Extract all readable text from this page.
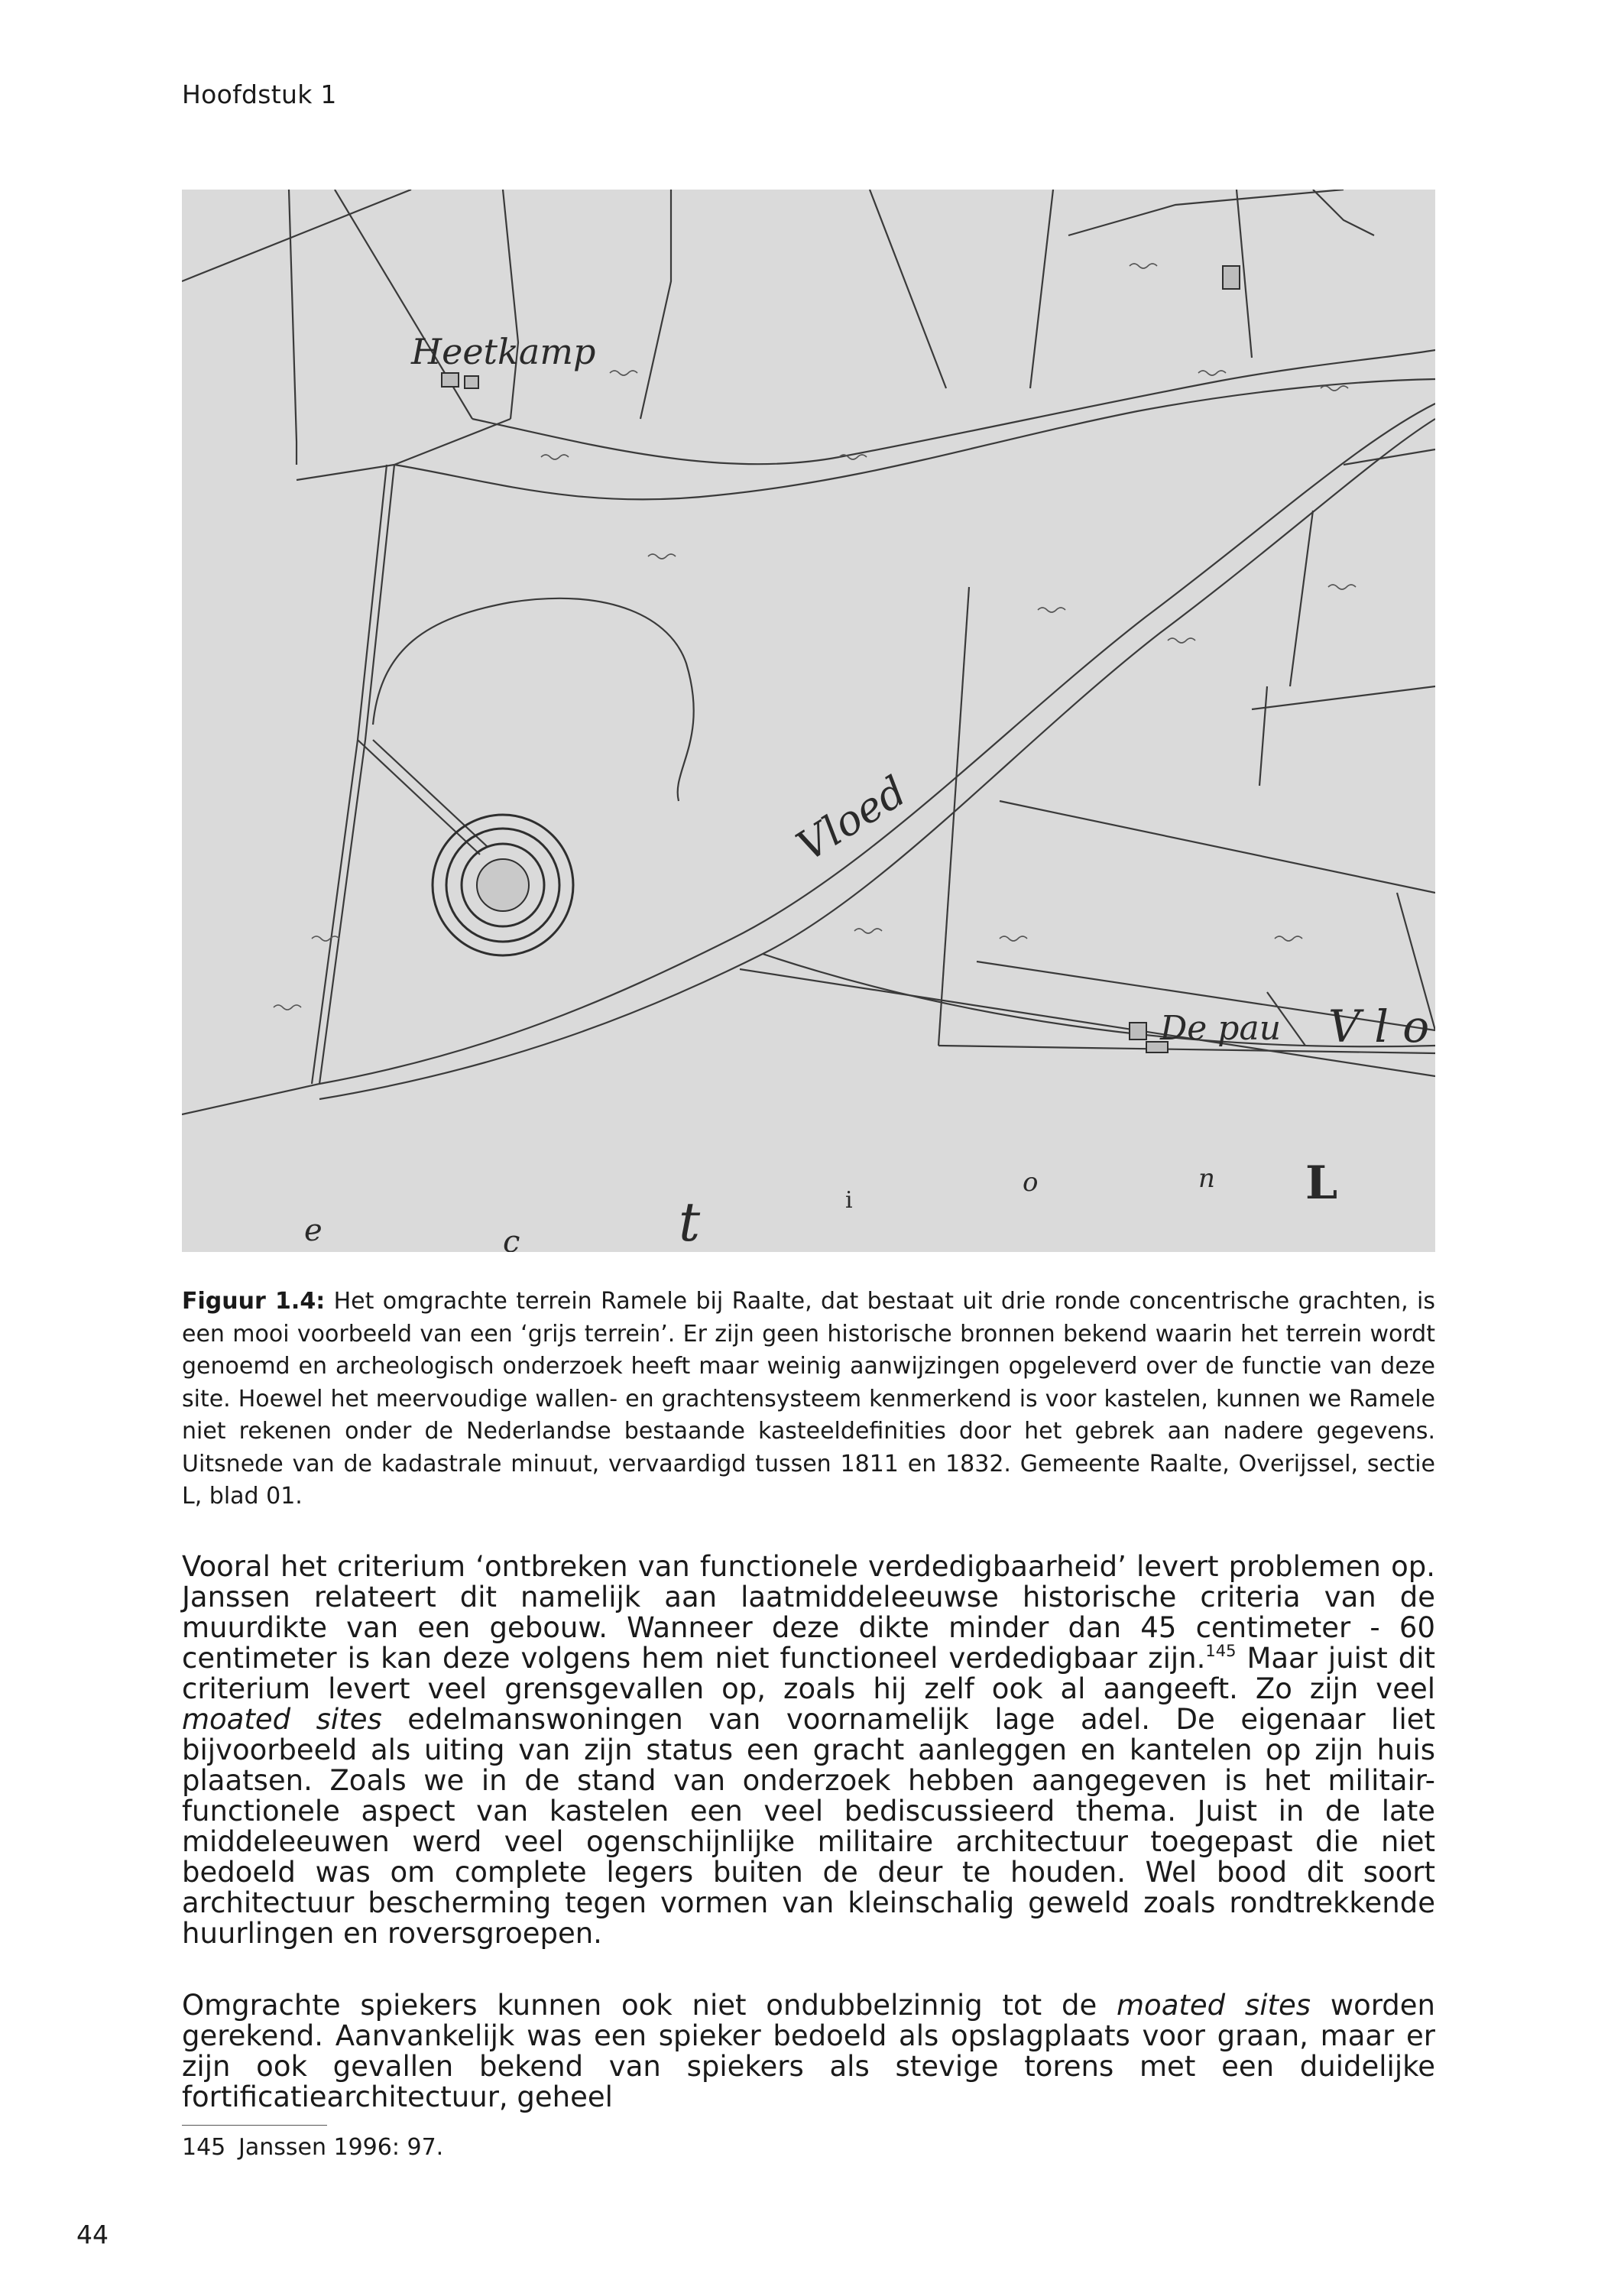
Hoofdstuk 1
Heetkamp
De pau
Vloed
V l o
L
e	c	t	i
o	n
Figuur 1.4: Het omgrachte terrein Ramele bij Raalte, dat bestaat uit drie ronde concentrische grachten, is een mooi voorbeeld van een ‘grijs terrein’. Er zijn geen historische bronnen bekend waarin het terrein wordt genoemd en archeologisch onderzoek heeft maar weinig aanwijzingen opgeleverd over de functie van deze site. Hoewel het meervoudige wallen- en grachtensysteem kenmerkend is voor kastelen, kunnen we Ramele niet rekenen onder de Nederlandse bestaande kasteeldefinities door het gebrek aan nadere gegevens. Uitsnede van de kadastrale minuut, vervaardigd tussen 1811 en 1832. Gemeente Raalte, Overijssel, sectie L, blad 01.

Vooral het criterium ‘ontbreken van functionele verdedigbaarheid’ levert problemen op. Janssen relateert dit namelijk aan laatmiddeleeuwse historische criteria van de muurdikte van een gebouw. Wanneer deze dikte minder dan 45 centimeter - 60 centimeter is kan deze volgens hem niet functioneel verdedigbaar zijn.$^{145}$ Maar juist dit criterium levert veel grensgevallen op, zoals hij zelf ook al aangeeft. Zo zijn veel moated sites edelmanswoningen van voornamelijk lage adel. De eigenaar liet bijvoorbeeld als uiting van zijn status een gracht aanleggen en kantelen op zijn huis plaatsen. Zoals we in de stand van onderzoek hebben aangegeven is het militair-functionele aspect van kastelen een veel bediscussieerd thema. Juist in de late middeleeuwen werd veel ogenschijnlijke militaire architectuur toegepast die niet bedoeld was om complete legers buiten de deur te houden. Wel bood dit soort architectuur bescherming tegen vormen van kleinschalig geweld zoals rondtrekkende huurlingen en roversgroepen.

Omgrachte spiekers kunnen ook niet ondubbelzinnig tot de moated sites worden gerekend. Aanvankelijk was een spieker bedoeld als opslagplaats voor graan, maar er zijn ook gevallen bekend van spiekers als stevige torens met een duidelijke fortificatiearchitectuur, geheel

145 Janssen 1996: 97.
44
